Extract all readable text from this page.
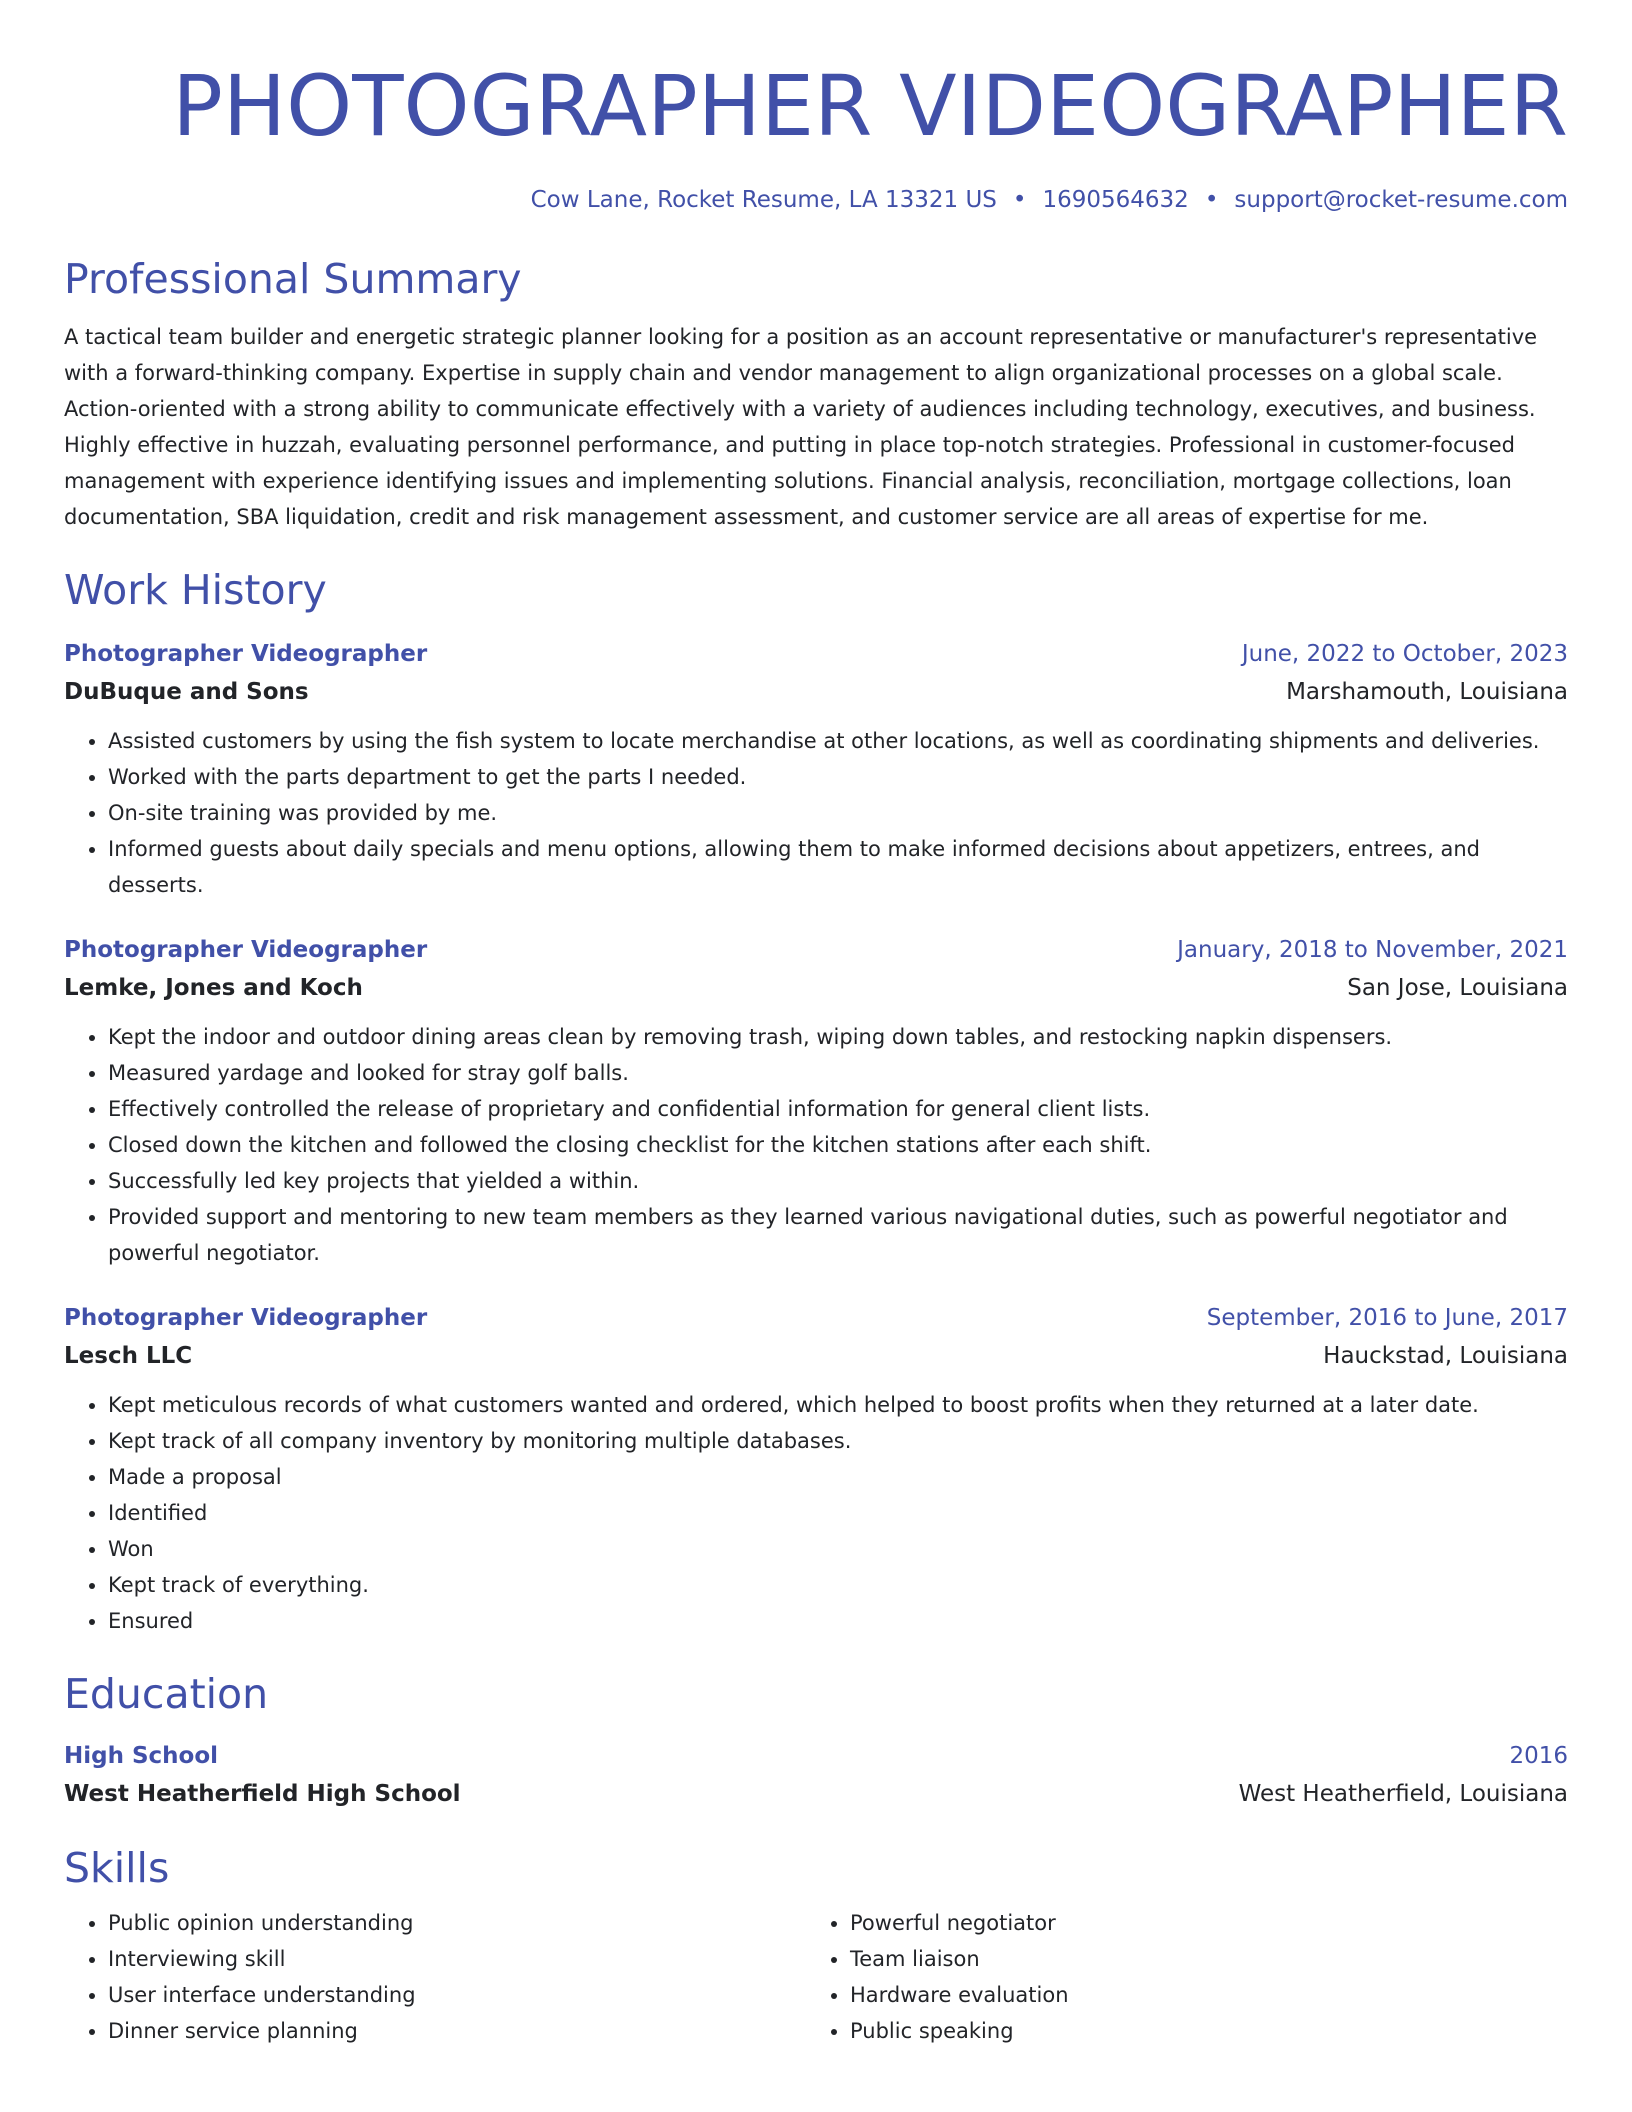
PHOTOGRAPHER VIDEOGRAPHER
Cow Lane, Rocket Resume, LA 13321 US • 1690564632 • support@rocket-resume.com
Professional Summary
A tactical team builder and energetic strategic planner looking for a position as an account representative or manufacturer's representative with a forward-thinking company. Expertise in supply chain and vendor management to align organizational processes on a global scale. Action-oriented with a strong ability to communicate effectively with a variety of audiences including technology, executives, and business. Highly effective in huzzah, evaluating personnel performance, and putting in place top-notch strategies. Professional in customer-focused management with experience identifying issues and implementing solutions. Financial analysis, reconciliation, mortgage collections, loan documentation, SBA liquidation, credit and risk management assessment, and customer service are all areas of expertise for me.
Work History
Photographer Videographer	June, 2022 to October, 2023
DuBuque and Sons	Marshamouth, Louisiana
• Assisted customers by using the fish system to locate merchandise at other locations, as well as coordinating shipments and deliveries.
• Worked with the parts department to get the parts I needed.
• On-site training was provided by me.
• Informed guests about daily specials and menu options, allowing them to make informed decisions about appetizers, entrees, and desserts.
Photographer Videographer	January, 2018 to November, 2021
Lemke, Jones and Koch	San Jose, Louisiana
• Kept the indoor and outdoor dining areas clean by removing trash, wiping down tables, and restocking napkin dispensers.
• Measured yardage and looked for stray golf balls.
• Effectively controlled the release of proprietary and confidential information for general client lists.
• Closed down the kitchen and followed the closing checklist for the kitchen stations after each shift.
• Successfully led key projects that yielded a within.
• Provided support and mentoring to new team members as they learned various navigational duties, such as powerful negotiator and powerful negotiator.
Photographer Videographer	September, 2016 to June, 2017
Lesch LLC	Hauckstad, Louisiana
• Kept meticulous records of what customers wanted and ordered, which helped to boost profits when they returned at a later date.
• Kept track of all company inventory by monitoring multiple databases.
• Made a proposal
• Identified
• Won
• Kept track of everything.
• Ensured
Education
High School	2016
West Heatherfield High School	West Heatherfield, Louisiana
Skills
• Public opinion understanding
• Interviewing skill
• User interface understanding
• Dinner service planning
• Powerful negotiator
• Team liaison
• Hardware evaluation
• Public speaking
